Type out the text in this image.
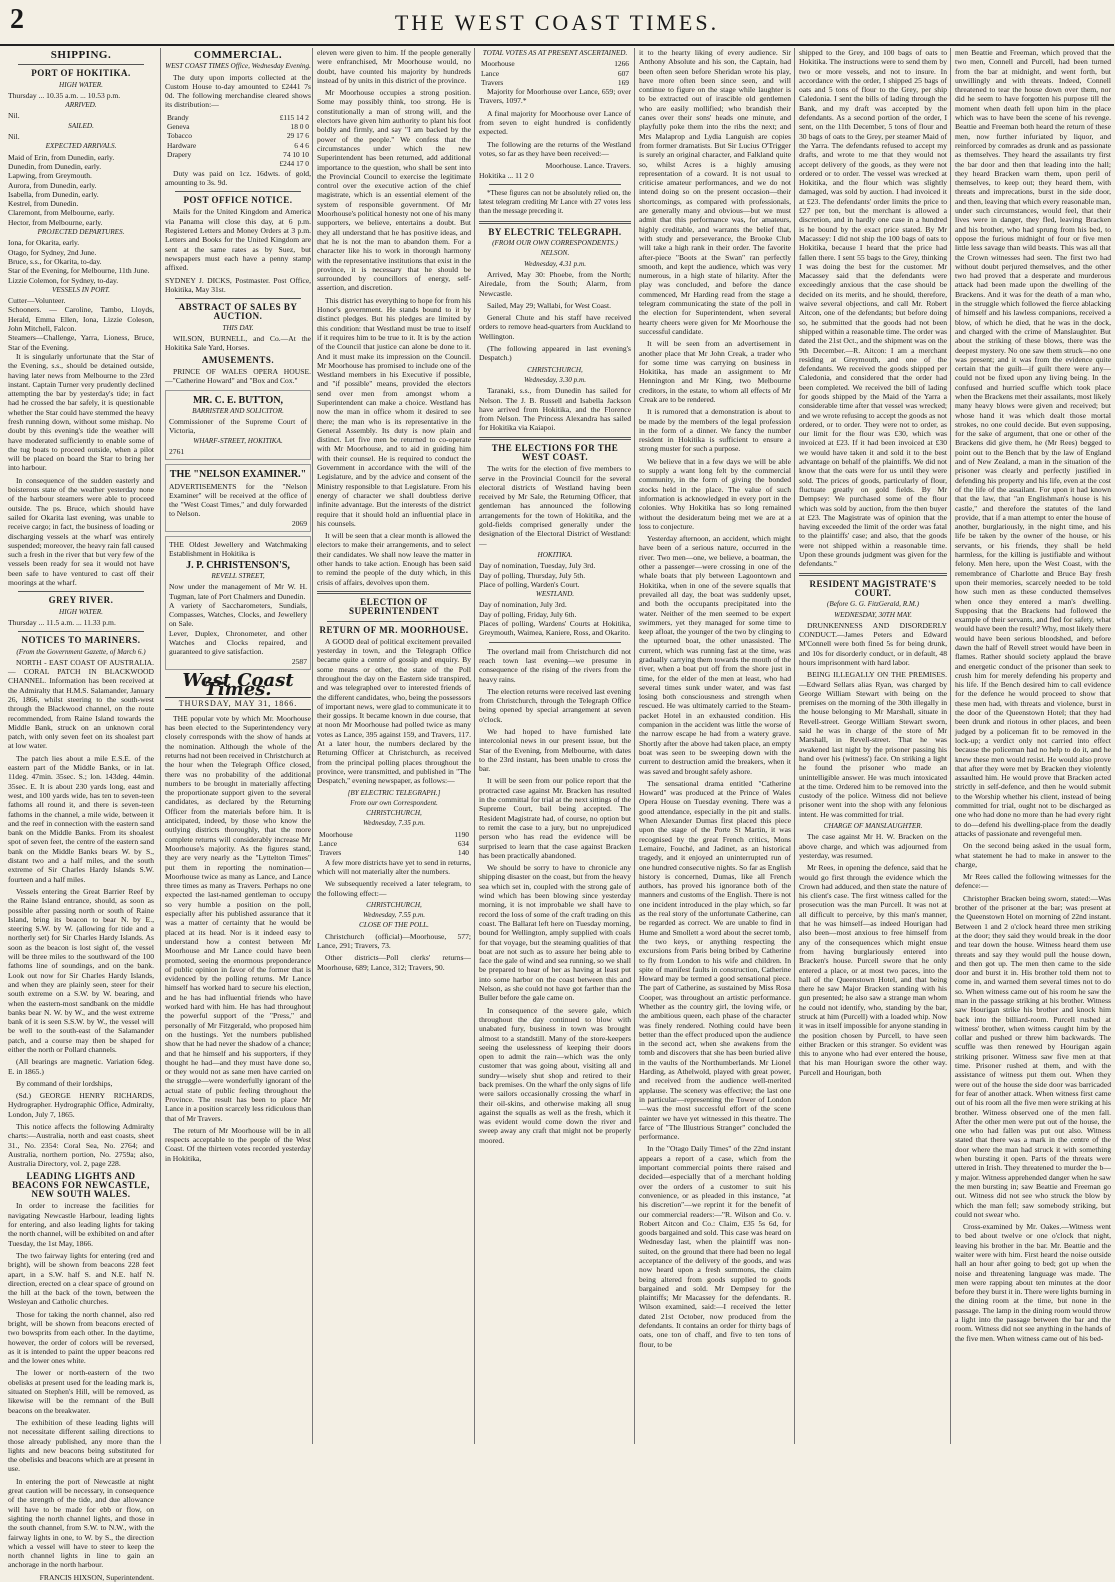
2	THE WEST COAST TIMES.
SHIPPING.
PORT OF HOKITIKA.
HIGH WATER.
Thursday ... 10.35 a.m. ... 10.53 p.m.
ARRIVED.
Nil.
SAILED.
Nil.
EXPECTED ARRIVALS.
Maid of Erin, from Dunedin, early.
Dunedin, from Dunedin, early.
Lapwing, from Greymouth.
Aurora, from Dunedin, early.
Isabella, from Dunedin, early.
Kestrel, from Dunedin.
Claremont, from Melbourne, early.
Hector, from Melbourne, early.
PROJECTED DEPARTURES.
Iona, for Okarita, early.
Otago, for Sydney, 2nd June.
Bruce, s.s., for Okarita, to-day.
Star of the Evening, for Melbourne, 11th June.
Lizzie Colemon, for Sydney, to-day.
VESSELS IN PORT.
Cutter—Volunteer.
Schooners. — Caroline, Tambo, Lloyds, Herald, Emma Ellen, Iona, Lizzie Coleson, John Mitchell, Falcon.
Steamers—Challenge, Yarra, Lioness, Bruce, Star of the Evening.

It is singularly unfortunate that the Star of the Evening, s.s., should be detained outside, having later news from Melbourne to the 23rd instant. Captain Turner very prudently declined attempting the bar by yesterday's tide; in fact had he crossed the bar safely, it is questionable whether the Star could have stemmed the heavy fresh running down, without some mishap. No doubt by this evening's tide the weather will have moderated sufficiently to enable some of the tug boats to proceed outside, when a pilot will be placed on board the Star to bring her into harbour.

In consequence of the sudden easterly and boisterous state of the weather yesterday none of the harbour steamers were able to proceed outside. The ps. Bruce, which should have sailed for Okarita last evening, was unable to receive cargo; in fact, the business of loading or discharging vessels at the wharf was entirely suspended; moreover, the heavy rain fall caused such a fresh in the river that but very few of the vessels been ready for sea it would not have been safe to have ventured to cast off their moorings at the wharf.

GREY RIVER.
HIGH WATER.
Thursday ... 11.5 a.m. ... 11.33 p.m.
NOTICES TO MARINERS.
(From the Government Gazette, of March 6.)

NORTH - EAST COAST OF AUSTRALIA. — CORAL PATCH IN BLACKWOOD CHANNEL. Information has been received at the Admiralty that H.M.S. Salamander, January 26, 1866, whilst steering to the south-west through the Blackwood channel, on the route recommended, from Raine Island towards the Middle Bank, struck on an unknown coral patch, with only seven feet on its shoalest part at low water.

The patch lies about a mile E.S.E. of the eastern part of the Middle Banks, or in lat. 11deg. 47min. 35sec. S.; lon. 143deg. 44min. 35sec. E. It is about 230 yards long, east and west, and 100 yards wide, has ten to seven-teen fathoms all round it, and there is seven-teen fathoms in the channel, a mile wide, between it and the reef in connection with the eastern sand bank on the Middle Banks. From its shoalest spot of seven feet, the centre of the eastern sand bank on the Middle Banks bears W. by S., distant two and a half miles, and the south extreme of Sir Charles Hardy Islands S.W. fourteen and a half miles.

Vessels entering the Great Barrier Reef by the Raine Island entrance, should, as soon as possible after passing north or south of Raine Island, bring its beacon to bear N. by E., steering S.W. by W. (allowing for tide and a northerly set) for Sir Charles Hardy Islands. As soon as the beacon is lost sight of, the vessel will be three miles to the southward of the 100 fathoms line of soundings, and on the bank. Look out now for Sir Charles Hardy Islands, and when they are plainly seen, steer for their south extreme on a S.W. by W. bearing, and when the eastern-most sandbank on the middle banks bear N. W. by W., and the west extreme bank of it is seen S.S.W. by W., the vessel will be well to the south-east of the Salamander patch, and a course may then be shaped for either the north or Pollard channels.

(All bearings are magnetic. Variation 6deg. E. in 1865.)

By command of their lordships,

(Sd.) GEORGE HENRY RICHARDS, Hydrographer. Hydrographic Office, Admiralty, London, July 7, 1865.

This notice affects the following Admiralty charts:—Australia, north and east coasts, sheet 31., No. 2354: Coral Sea, No. 2764; and Australia, northern portion, No. 2759a; also, Australia Directory, vol. 2, page 228.

LEADING LIGHTS AND BEACONS FOR NEWCASTLE, NEW SOUTH WALES.

In order to increase the facilities for navigating Newcastle Harbour, leading lights for entering, and also leading lights for taking the north channel, will be exhibited on and after Tuesday, the 1st May, 1866.

The two fairway lights for entering (red and bright), will be shown from beacons 228 feet apart, in a S.W. half S. and N.E. half N. direction, erected on a clear space of ground on the hill at the back of the town, between the Wesleyan and Catholic churches.

Those for taking the north channel, also red bright, will be shown from beacons erected of two bowsprits from each other. In the daytime, however, the order of colors will be reversed, as it is intended to paint the upper beacons red and the lower ones white.

The lower or north-eastern of the two obelisks at present used for the leading mark is, situated on Stephen's Hill, will be removed, as likewise will be the remnant of the Bull beacons on the breakwater.

The exhibition of these leading lights will not necessitate different sailing directions to those already published, any more than the lights and new beacons being substituted for the obelisks and beacons which are at present in use.

In entering the port of Newcastle at night great caution will be necessary, in consequence of the strength of the tide, and due allowance will have to be made for ebb or flow, on sighting the north channel lights, and those in the south channel, from S.W. to N.W., with the fairway lights in one, to W. by S., the direction which a vessel will have to steer to keep the north channel lights in line to gain an anchorage in the north harbour.

FRANCIS HIXSON, Superintendent.
COMMERCIAL.
WEST COAST TIMES Office, Wednesday Evening.

The duty upon imports collected at the Custom House to-day amounted to £2441 7s 0d. The following merchandise cleared shows its distribution:—

Brandy	£115 14 2
Geneva	18 0 0
Tobacco	29 17 6
Hardware	6 4 6
Drapery	74 10 10
	£244 17 0

Duty was paid on 1cz. 16dwts. of gold, amounting to 3s. 9d.

POST OFFICE NOTICE.

Mails for the United Kingdom and America via Panama will close this day, at 6 p.m. Registered Letters and Money Orders at 3 p.m. Letters and Books for the United Kingdom are sent at the same rates as by Suez, but newspapers must each have a penny stamp affixed.

SYDNEY J. DICKS, Postmaster. Post Office, Hokitika, May 31st.
ABSTRACT OF SALES BY AUCTION.
THIS DAY.

WILSON, BURNELL, and Co.—At the Hokitika Sale Yard, Horses.

AMUSEMENTS.

PRINCE OF WALES OPERA HOUSE.—"Catherine Howard" and "Box and Cox."

MR. C. E. BUTTON,
BARRISTER AND SOLICITOR.
Commissioner of the Supreme Court of Victoria,
WHARF-STREET, HOKITIKA.
2761
THE "NELSON EXAMINER."
ADVERTISEMENTS for the "Nelson Examiner" will be received at the office of the "West Coast Times," and duly forwarded to Nelson.
2069
THE Oldest Jewellery and Watchmaking Establishment in Hokitika is
J. P. CHRISTENSON'S,
REVELL STREET,
Now under the management of Mr W. H. Tugman, late of Port Chalmers and Dunedin.
A variety of Saccharometers, Sundials, Compasses, Watches, Clocks, and Jewellery on Sale.
Lever, Duplex, Chronometer, and other Watches and Clocks repaired, and guaranteed to give satisfaction.
2587
West Coast Times.
THURSDAY, MAY 31, 1866.

THE popular vote by which Mr. Moorhouse has been elected to the Superintendency very closely corresponds with the show of hands at the nomination. Although the whole of the returns had not been received in Christchurch at the hour when the Telegraph Office closed, there was no probability of the additional numbers to be brought in materially affecting the proportionate support given to the several candidates, as declared by the Returning Officer from the materials before him. It is anticipated, indeed, by those who know the outlying districts thoroughly, that the more complete returns will considerably increase Mr Moorhouse's majority. As the figures stand, they are very nearly as the "Lyttelton Times" put them in reporting the nomination—Moorhouse twice as many as Lance, and Lance three times as many as Travers. Perhaps no one expected the last-named gentleman to occupy so very humble a position on the poll, especially after his published assurance that it was a matter of certainty that he would be placed at its head. Nor is it indeed easy to understand how a contest between Mr Moorhouse and Mr Lance could have been promoted, seeing the enormous preponderance of public opinion in favor of the former that is evidenced by the polling returns. Mr Lance himself has worked hard to secure his election, and he has had influential friends who have worked hard with him. He has had throughout the powerful support of the "Press," and personally of Mr Fitzgerald, who proposed him on the hustings. Yet the numbers published show that he had never the shadow of a chance; and that he himself and his supporters, if they thought he had—and they must have done so, or they would not as sane men have carried on the struggle—were wonderfully ignorant of the actual state of public feeling throughout the Province. The result has been to place Mr Lance in a position scarcely less ridiculous than that of Mr Travers.

The return of Mr Moorhouse will be in all respects acceptable to the people of the West Coast. Of the thirteen votes recorded yesterday in Hokitika,

eleven were given to him. If the people generally were enfranchised, Mr Moorhouse would, no doubt, have counted his majority by hundreds instead of by units in this district of the province.

Mr Moorhouse occupies a strong position. Some may possibly think, too strong. He is constitutionally a man of strong will, and the electors have given him authority to plant his foot boldly and firmly, and say "I am backed by the power of the people." We confess that the circumstances under which the new Superintendent has been returned, add additional importance to the question, who shall be sent into the Provincial Council to exercise the legitimate control over the executive action of the chief magistrate, which is an essential element of the system of responsible government. Of Mr Moorhouse's political honesty not one of his many supporters, we believe, entertains a doubt. But they all understand that he has positive ideas, and that he is not the man to abandon them. For a character like his to work in thorough harmony with the representative institutions that exist in the province, it is necessary that he should be surrounded by councillors of energy, self-assertion, and discretion.

This district has everything to hope for from his Honor's government. He stands bound to it by distinct pledges. But his pledges are limited by this condition: that Westland must be true to itself if it requires him to be true to it. It is by the action of the Council that justice can alone be done to it. And it must make its impression on the Council. Mr Moorhouse has promised to include one of the Westland members in his Executive if possible, and "if possible" means, provided the electors send over men from amongst whom a Superintendent can make a choice. Westland has now the man in office whom it desired to see there; the man who is its representative in the General Assembly. Its duty is now plain and distinct. Let five men be returned to co-operate with Mr Moorhouse, and to aid in guiding him with their counsel. He is required to conduct the Government in accordance with the will of the Legislature, and by the advice and consent of the Ministry responsible to that Legislature. From his energy of character we shall doubtless derive infinite advantage. But the interests of the district require that it should hold an influential place in his counsels.

It will be seen that a clear month is allowed the electors to make their arrangements, and to select their candidates. We shall now leave the matter in other hands to take action. Enough has been said to remind the people of the duty which, in this crisis of affairs, devolves upon them.

ELECTION OF SUPERINTENDENT
RETURN OF MR. MOORHOUSE.

A GOOD deal of political excitement prevailed yesterday in town, and the Telegraph Office became quite a centre of gossip and enquiry. By some means or other, the state of the Poll throughout the day on the Eastern side transpired, and was telegraphed over to interested friends of the different candidates, who, being the possessors of important news, were glad to communicate it to their gossips. It became known in due course, that at noon Mr Moorhouse had polled twice as many votes as Lance, 395 against 159, and Travers, 117. At a later hour, the numbers declared by the Returning Officer at Christchurch, as received from the principal polling places throughout the province, were transmitted, and published in "The Despatch," evening newspaper, as follows:—

[BY ELECTRIC TELEGRAPH.]
From our own Correspondent.
CHRISTCHURCH,
Wednesday, 7.35 p.m.
Moorhouse	1190
Lance	634
Travers	140

A few more districts have yet to send in returns, which will not materially alter the numbers.

We subsequently received a later telegram, to the following effect:—

CHRISTCHURCH,
Wednesday, 7.55 p.m.
CLOSE OF THE POLL.

Christchurch (official)—Moorhouse, 577; Lance, 291; Travers, 73.

Other districts—Poll clerks' returns—Moorhouse, 689; Lance, 312; Travers, 90.

TOTAL VOTES AS AT PRESENT ASCERTAINED.
Moorhouse	1266
Lance	607
Travers	169

Majority for Moorhouse over Lance, 659; over Travers, 1097.*

A final majority for Moorhouse over Lance of from seven to eight hundred is confidently expected.

The following are the returns of the Westland votes, so far as they have been received:—

Moorhouse. Lance. Travers.
Hokitika ... 11 2 0

*These figures can not be absolutely relied on, the latest telegram crediting Mr Lance with 27 votes less than the message preceding it.

BY ELECTRIC TELEGRAPH.
(FROM OUR OWN CORRESPONDENTS.)
NELSON.
Wednesday, 4.31 p.m.

Arrived, May 30: Phoebe, from the North; Airedale, from the South; Alarm, from Newcastle.

Sailed, May 29; Wallabi, for West Coast.

General Chute and his staff have received orders to remove head-quarters from Auckland to Wellington.

(The following appeared in last evening's Despatch.)

CHRISTCHURCH,
Wednesday, 3.30 p.m.

Taranaki, s.s., from Dunedin has sailed for Nelson. The J. B. Russell and Isabella Jackson have arrived from Hokitika, and the Florence from Nelson. The Princess Alexandra has sailed for Hokitika via Kaiapoi.

THE ELECTIONS FOR THE WEST COAST.

The writs for the election of five members to serve in the Provincial Council for the several electoral districts of Westland having been received by Mr Sale, the Returning Officer, that gentleman has announced the following arrangements for the town of Hokitika, and the gold-fields comprised generally under the designation of the Electoral District of Westland:—

HOKITIKA.
Day of nomination, Tuesday, July 3rd.
Day of polling, Thursday, July 5th.
Place of polling, Warden's Court.
WESTLAND.
Day of nomination, July 3rd.
Day of polling, Friday, July 6th.
Places of polling, Wardens' Courts at Hokitika, Greymouth, Waimea, Kaniere, Ross, and Okarito.

The overland mail from Christchurch did not reach town last evening—we presume in consequence of the rising of the rivers from the heavy rains.

The election returns were received last evening from Christchurch, through the Telegraph Office being opened by special arrangement at seven o'clock.

We had hoped to have furnished late intercolonial news in our present issue, but the Star of the Evening, from Melbourne, with dates to the 23rd instant, has been unable to cross the bar.

It will be seen from our police report that the protracted case against Mr. Bracken has resulted in the committal for trial at the next sittings of the Supreme Court, bail being accepted. The Resident Magistrate had, of course, no option but to remit the case to a jury, but no unprejudiced person who has read the evidence will be surprised to learn that the case against Bracken has been practically abandoned.

We should be sorry to have to chronicle any shipping disaster on the coast, but from the heavy sea which set in, coupled with the strong gale of wind which has been blowing since yesterday morning, it is not improbable we shall have to record the loss of some of the craft trading on this coast. The Ballarat left here on Tuesday morning, bound for Wellington, amply supplied with coals for that voyage, but the steaming qualities of that boat are not such as to assure her being able to face the gale of wind and sea running, so we shall be prepared to hear of her as having at least put into some harbor on the coast between this and Nelson, as she could not have got farther than the Buller before the gale came on.

In consequence of the severe gale, which throughout the day continued to blow with unabated fury, business in town was brought almost to a standstill. Many of the store-keepers seeing the uselessness of keeping their doors open to admit the rain—which was the only customer that was going about, visiting all and sundry—wisely shut shop and retired to their back premises. On the wharf the only signs of life were sailors occasionally crossing the wharf in their oil-skins, and otherwise making all snug against the squalls as well as the fresh, which it was evident would come down the river and sweep away any craft that might not be properly moored.

it to the hearty liking of every audience. Sir Anthony Absolute and his son, the Captain, had been often seen before Sheridan wrote his play, have more often been since seen, and will continue to figure on the stage while laughter is to be extracted out of irascible old gentlemen who are easily mollified; who brandish their canes over their sons' heads one minute, and playfully poke them into the ribs the next; and Mrs Malaprop and Lydia Languish are copies from former dramatists. But Sir Lucius O'Trigger is surely an original character, and Falkland quite so, whilst Acres is a highly amusing representation of a coward. It is not usual to criticise amateur performances, and we do not intend doing so on the present occasion—their shortcomings, as compared with professionals, are generally many and obvious—but we must admit that this performance was, for amateurs, highly creditable, and warrants the belief that, with study and perseverance, the Brooke Club will take a high rank in their order. The favorite after-piece "Boots at the Swan" ran perfectly smooth, and kept the audience, which was very numerous, in a high state of hilarity. After the play was concluded, and before the dance commenced, Mr Harding read from the stage a telegram communicating the state of the poll in the election for Superintendent, when several hearty cheers were given for Mr Moorhouse the successful candidate.

It will be seen from an advertisement in another place that Mr John Creak, a trader who for some time was carrying on business in Hokitika, has made an assignment to Mr Hennington and Mr King, two Melbourne creditors, in the estate, to whom all effects of Mr Creak are to be rendered.

It is rumored that a demonstration is about to be made by the members of the legal profession in the form of a dinner. We fancy the number resident in Hokitika is sufficient to ensure a strong muster for such a purpose.

We believe that in a few days we will be able to supply a want long felt by the commercial community, in the form of giving the bonded stocks held in the place. The value of such information is acknowledged in every port in the colonies. Why Hokitika has so long remained without the desideratum being met we are at a loss to conjecture.

Yesterday afternoon, an accident, which might have been of a serious nature, occurred in the river. Two men—one, we believe, a boatman, the other a passenger—were crossing in one of the whale boats that ply between Lagoontown and Hokitika, when in one of the severe squalls that prevailed all day, the boat was suddenly upset, and both the occupants precipitated into the water. Neither of the men seemed to be expert swimmers, yet they managed for some time to keep afloat, the younger of the two by clinging to the upturned boat, the other unassisted. The current, which was running fast at the time, was gradually carrying them towards the mouth of the river, when a boat put off from the shore just in time, for the elder of the men at least, who had several times sunk under water, and was fast losing both consciousness and strength when rescued. He was ultimately carried to the Steam-packet Hotel in an exhausted condition. His companion in the accident was little the worse of the narrow escape he had from a watery grave. Shortly after the above had taken place, an empty boat was seen to be sweeping down with the current to destruction amid the breakers, when it was saved and brought safely ashore.

The sensational drama entitled "Catherine Howard" was produced at the Prince of Wales Opera House on Tuesday evening. There was a good attendance, especially in the pit and stalls. When Alexander Dumas first placed this piece upon the stage of the Porte St Martin, it was recognised by the great French critics, Mons Lemaire, Fouché, and Jadinet, as an historical tragedy, and it enjoyed an uninterrupted run of one hundred consecutive nights. So far as English history is concerned, Dumas, like all French authors, has proved his ignorance both of the manners and customs of the English. There is not one incident introduced in the play which, so far as the real story of the unfortunate Catherine, can be regarded as correct. We are unable to find in Hume and Smollett a word about the secret tomb, the two keys, or anything respecting the excursions from Paris being bribed by Catherine to fly from London to his wife and children. In spite of manifest faults in construction, Catherine Howard may be termed a good sensational piece. The part of Catherine, as sustained by Miss Rosa Cooper, was throughout an artistic performance. Whether as the country girl, the loving wife, or the ambitious queen, each phase of the character was finely rendered. Nothing could have been better than the effect produced upon the audience in the second act, when she awakens from the tomb and discovers that she has been buried alive in the vaults of the Northumberlands. Mr Lionel Harding, as Athelwold, played with great power, and received from the audience well-merited applause. The scenery was effective; the last one in particular—representing the Tower of London—was the most successful effort of the scene painter we have yet witnessed in this theatre. The farce of "The Illustrious Stranger" concluded the performance.

In the "Otago Daily Times" of the 22nd instant appears a report of a case, which from the important commercial points there raised and decided—especially that of a merchant holding over the orders of a customer to suit his convenience, or as pleaded in this instance, "at his discretion"—we reprint it for the benefit of our commercial readers:—"R. Wilson and Co. v. Robert Aitcon and Co.: Claim, £35 5s 6d, for goods bargained and sold. This case was heard on Wednesday last, when the plaintiff was non-suited, on the ground that there had been no legal acceptance of the delivery of the goods, and was now heard upon a fresh summons, the claim being altered from goods supplied to goods bargained and sold. Mr Dempsey for the plaintiffs; Mr Macassey for the defendants. R. Wilson examined, said:—I received the letter dated 21st October, now produced from the defendants. It contains an order for thirty bags of oats, one ton of chaff, and five to ten tons of flour, to be

shipped to the Grey, and 100 bags of oats to Hokitika. The instructions were to send them by two or more vessels, and not to insure. In accordance with the order, I shipped 25 bags of oats and 5 tons of flour to the Grey, per ship Caledonia. I sent the bills of lading through the Bank, and my draft was accepted by the defendants. As a second portion of the order, I sent, on the 11th December, 5 tons of flour and 30 bags of oats to the Grey, per steamer Maid of the Yarra. The defendants refused to accept my drafts, and wrote to me that they would not accept delivery of the goods, as they were not ordered or to order. The vessel was wrecked at Hokitika, and the flour which was slightly damaged, was sold by auction. I had invoiced it at £23. The defendants' order limits the price to £27 per ton, but the merchant is allowed a discretion, and in hardly one case in a hundred is he bound by the exact price stated. By Mr Macassey: I did not ship the 100 bags of oats to Hokitika, because I heard that the price had fallen there. I sent 55 bags to the Grey, thinking I was doing the best for the customer. Mr Macassey said that the defendants were exceedingly anxious that the case should be decided on its merits, and he should, therefore, waive several objections, and call Mr. Robert Aitcon, one of the defendants; but before doing so, he submitted that the goods had not been shipped within a reasonable time. The order was dated the 21st Oct., and the shipment was on the 9th December.—R. Aitcon: I am a merchant residing at Greymouth, and one of the defendants. We received the goods shipped per Caledonia, and considered that the order had been completed. We received the bill of lading for goods shipped by the Maid of the Yarra a considerable time after that vessel was wrecked; and we wrote refusing to accept the goods as not ordered, or to order. They were not to order, as our limit for the flour was £30, which was invoiced at £23. If it had been invoiced at £30 we would have taken it and sold it to the best advantage on behalf of the plaintiffs. We did not know that the oats were for us until they were sold. The prices of goods, particularly of flour, fluctuate greatly on gold fields. By Mr Dempsey: We purchased some of the flour which was sold by auction, from the then buyer at £23. The Magistrate was of opinion that the having exceeded the limit of the order was fatal to the plaintiffs' case; and also, that the goods were not shipped within a reasonable time. Upon these grounds judgment was given for the defendants."

RESIDENT MAGISTRATE'S COURT.
(Before G. G. FitzGerald, R.M.)
WEDNESDAY, 30TH MAY.

DRUNKENNESS AND DISORDERLY CONDUCT.—James Peters and Edward M'Connell were both fined 5s for being drunk, and 10s for disorderly conduct, or in default, 48 hours imprisonment with hard labor.

BEING ILLEGALLY ON THE PREMISES.—Edward Sellars alias Ryan, was charged by George William Stewart with being on the premises on the morning of the 30th illegally in the house belonging to Mr Marshall, situate in Revell-street. George William Stewart sworn, said he was in charge of the store of Mr Marshall, in Revell-street. That he was awakened last night by the prisoner passing his hand over his (witness') face. On striking a light he found the prisoner who made an unintelligible answer. He was much intoxicated at the time. Ordered him to be removed into the custody of the police. Witness did not believe prisoner went into the shop with any felonious intent. He was committed for trial.

CHARGE OF MANSLAUGHTER.

The case against Mr H. W. Bracken on the above charge, and which was adjourned from yesterday, was resumed.

Mr Rees, in opening the defence, said that he would go first through the evidence which the Crown had adduced, and then state the nature of his client's case. The first witness called for the prosecution was the man Purcell. It was not at all difficult to perceive, by this man's manner, that he was himself—as indeed Hourigan had also been—most anxious to free himself from any of the consequences which might ensue from having burglariously entered into Bracken's house. Purcell swore that he only entered a place, or at most two paces, into the hall of the Queenstown Hotel, and that being there he saw Major Bracken standing with his gun presented; he also saw a strange man whom he could not identify, who, standing by the bar, struck at him (Purcell) with a loaded whip. Now it was in itself impossible for anyone standing in the position chosen by Purcell, to have seen either Bracken or this stranger. So evident was this to anyone who had ever entered the house, that his man Hourigan swore the other way. Purcell and Hourigan, both

men Beattie and Freeman, which proved that the two men, Connell and Purcell, had been turned from the bar at midnight, and went forth, but unwillingly and with threats. Indeed, Connell threatened to tear the house down over them, nor did he seem to have forgotten his purpose till the moment when death fell upon him in the place which was to have been the scene of his revenge. Beattie and Freeman both heard the return of these men, now further infuriated by liquor, and reinforced by comrades as drunk and as passionate as themselves. They heard the assailants try first the bar door and then that leading into the hall; they heard Bracken warn them, upon peril of themselves, to keep out; they heard them, with threats and imprecations, burst in the side door, and then, leaving that which every reasonable man, under such circumstances, would feel, that their lives were in danger, they fled, leaving Bracken and his brother, who had sprung from his bed, to oppose the furious midnight of four or five men little less savage than wild beasts. This was all that the Crown witnesses had seen. The first two had without doubt perjured themselves, and the other two had proved that a desperate and murderous attack had been made upon the dwelling of the Brackens. And it was for the death of a man who, in the struggle which followed the fierce ablacking of himself and his lawless companions, received a blow, of which he died, that he was in the dock, and charged with the crime of Manslaughter. But about the striking of these blows, there was the deepest mystery. No one saw them struck—no one was present; and it was from the evidence quite certain that the guilt—if guilt there were any—could not be fixed upon any living being. In the confused and hurried scuffle which took place when the Brackens met their assailants, most likely many heavy blows were given and received; but whose hand it was which dealt those mortal strokes, no one could decide. But even supposing, for the sake of argument, that one or other of the Brackens did give them, he (Mr Rees) begged to point out to the Bench that by the law of England and of New Zealand, a man in the situation of the prisoner was clearly and perfectly justified in defending his property and his life, even at the cost of the life of the assailant. For upon it had known that the law, that "an Englishman's house is his castle," and therefore the statutes of the land provide, that if a man attempt to enter the house of another, burglariously, in the night time, and his life be taken by the owner of the house, or his servants, or his friends, they shall be held harmless, for the killing is justifiable and without felony. Men here, upon the West Coast, with the remembrance of Charlotte and Bruce Bay fresh upon their memories, scarcely needed to be told how such men as these conducted themselves when once they entered a man's dwelling. Supposing that the Brackens had followed the example of their servants, and fled for safety, what would have been the result? Why, most likely there would have been serious bloodshed, and before dawn the half of Revell street would have been in flames. Rather should society applaud the brave and energetic conduct of the prisoner than seek to crush him for merely defending his property and his life. If the Bench desired him to call evidence for the defence he would proceed to show that these men had, with threats and violence, burst in the door of the Queenstown Hotel; that they had been drunk and riotous in other places, and been judged by a policeman fit to be removed in the lock-up; a verdict only not carried into effect because the policeman had no help to do it, and he knew these men would resist. He would also prove that after they were met by Bracken they violently assaulted him. He would prove that Bracken acted strictly in self-defence, and then he would submit to the Worship whether his client, instead of being committed for trial, ought not to be discharged as one who had done no more than he had every right to do—defend his dwelling-place from the deadly attacks of passionate and revengeful men.

On the second being asked in the usual form, what statement he had to make in answer to the charge,

Mr Rees called the following witnesses for the defence:—

Christopher Bracken being sworn, stated:—Was brother of the prisoner at the bar; was present at the Queenstown Hotel on morning of 22nd instant. Between 1 and 2 o'clock heard three men striking at the door; they said they would break in the door and tear down the house. Witness heard them use threats and say they would pull the house down, and then got up. The men then came to the side door and burst it in. His brother told them not to come in, and warned them several times not to do so. When witness came out of his room he saw the man in the passage striking at his brother. Witness saw Hourigan strike his brother and knock him back into the billiard-room. Purcell rushed at witness' brother, when witness caught him by the collar and pushed or threw him backwards. The scuffle was then renewed by Hourigan again striking prisoner. Witness saw five men at that time. Prisoner rushed at them, and with the assistance of witness put them out. When they were out of the house the side door was barricaded for fear of another attack. When witness first came out of his room all the five men were striking at his brother. Witness observed one of the men fall. After the other men were put out of the house, the one who had fallen was put out also. Witness stated that there was a mark in the centre of the door where the man had struck it with something when bursting it open. Parts of the threats were uttered in Irish. They threatened to murder the b—y major. Witness apprehended danger when he saw the men bursting in; saw Beattie and Freeman go out. Witness did not see who struck the blow by which the man fell; saw somebody striking, but could not swear who.

Cross-examined by Mr. Oakes.—Witness went to bed about twelve or one o'clock that night, leaving his brother in the bar. Mr. Beattie and the waiter were with him. First heard the noise outside hall an hour after going to bed; got up when the noise and threatening language was made. The men were rapping about ten minutes at the door before they burst it in. There were lights burning in the dining room at the time, but none in the passage. The lamp in the dining room would throw a light into the passage between the bar and the room. Witness did not see anything in the hands of the five men. When witness came out of his bed-
